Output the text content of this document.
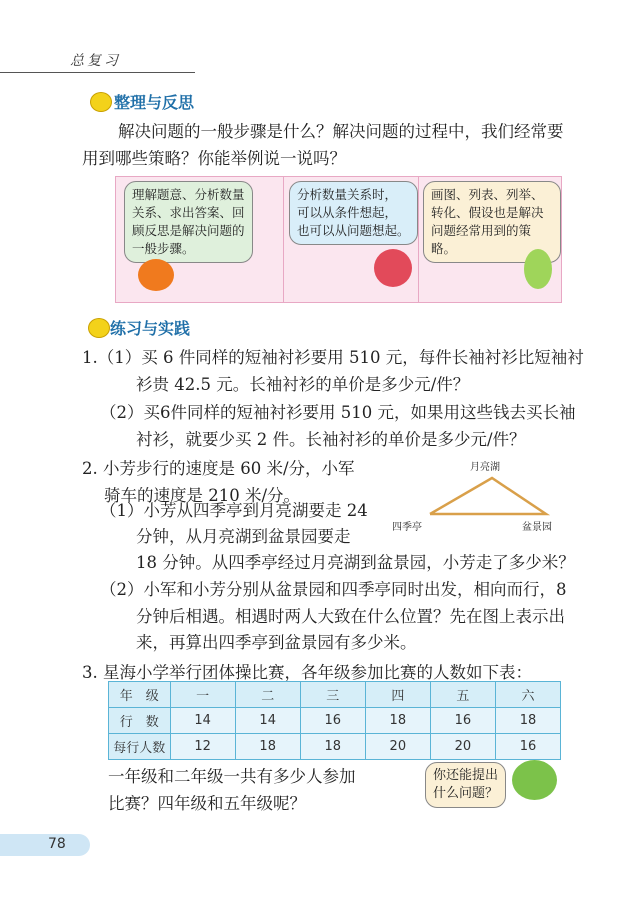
总复习
整理与反思
解决问题的一般步骤是什么？解决问题的过程中，我们经常要
用到哪些策略？你能举例说一说吗？
理解题意、分析数量
关系、求出答案、回
顾反思是解决问题的
一般步骤。
分析数量关系时，
可以从条件想起，
也可以从问题想起。
画图、列表、列举、
转化、假设也是解决
问题经常用到的策略。
练习与实践
1.（1）买 6 件同样的短袖衬衫要用 510 元，每件长袖衬衫比短袖衬
衫贵 42.5 元。长袖衬衫的单价是多少元/件？
（2）买6件同样的短袖衬衫要用 510 元，如果用这些钱去买长袖
衬衫，就要少买 2 件。长袖衬衫的单价是多少元/件？
2. 小芳步行的速度是 60 米/分，小军
骑车的速度是 210 米/分。
（1）小芳从四季亭到月亮湖要走 24
分钟，从月亮湖到盆景园要走
18 分钟。从四季亭经过月亮湖到盆景园，小芳走了多少米？
（2）小军和小芳分别从盆景园和四季亭同时出发，相向而行，8
分钟后相遇。相遇时两人大致在什么位置？先在图上表示出
来，再算出四季亭到盆景园有多少米。
月亮湖
四季亭	盆景园
3. 星海小学举行团体操比赛，各年级参加比赛的人数如下表：
年　级	一	二	三	四	五	六
行　数	14	14	16	18	16	18
每行人数	12	18	18	20	20	16
一年级和二年级一共有多少人参加
比赛？四年级和五年级呢？
你还能提出
什么问题？
78
